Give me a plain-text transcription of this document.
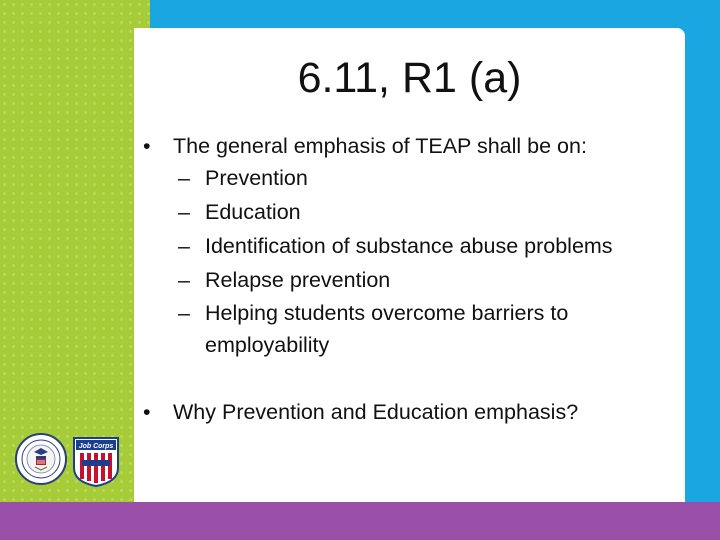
6.11, R1 (a)
• The general emphasis of TEAP shall be on:
– Prevention
– Education
– Identification of substance abuse problems
– Relapse prevention
– Helping students overcome barriers to employability
• Why Prevention and Education emphasis?
Job Corps
